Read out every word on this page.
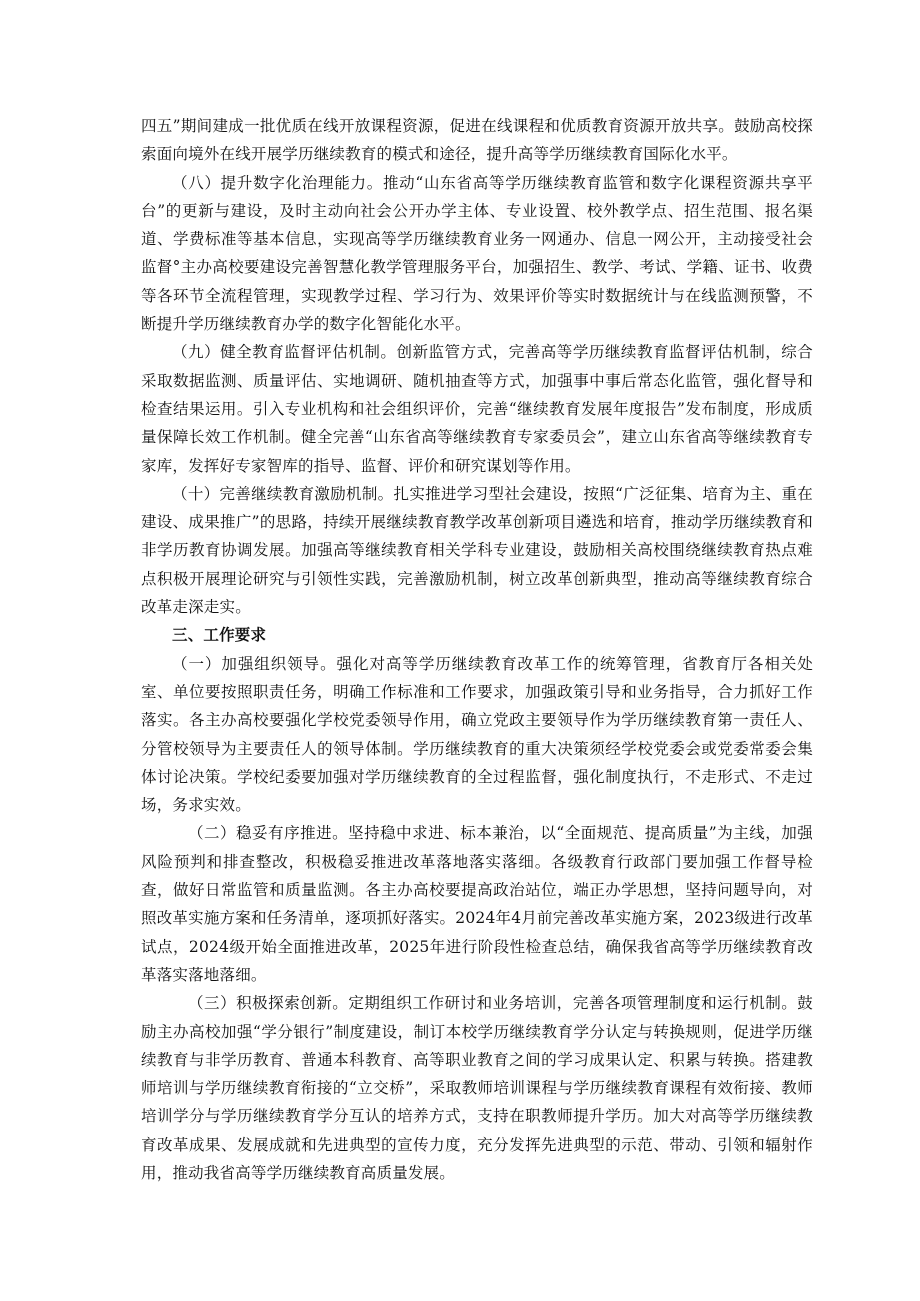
四五”期间建成一批优质在线开放课程资源，促进在线课程和优质教育资源开放共享。鼓励高校探索面向境外在线开展学历继续教育的模式和途径，提升高等学历继续教育国际化水平。

（八）提升数字化治理能力。推动“山东省高等学历继续教育监管和数字化课程资源共享平台”的更新与建设，及时主动向社会公开办学主体、专业设置、校外教学点、招生范围、报名渠道、学费标准等基本信息，实现高等学历继续教育业务一网通办、信息一网公开，主动接受社会监督°主办高校要建设完善智慧化教学管理服务平台，加强招生、教学、考试、学籍、证书、收费等各环节全流程管理，实现教学过程、学习行为、效果评价等实时数据统计与在线监测预警，不断提升学历继续教育办学的数字化智能化水平。

（九）健全教育监督评估机制。创新监管方式，完善高等学历继续教育监督评估机制，综合采取数据监测、质量评估、实地调研、随机抽查等方式，加强事中事后常态化监管，强化督导和检查结果运用。引入专业机构和社会组织评价，完善“继续教育发展年度报告”发布制度，形成质量保障长效工作机制。健全完善“山东省高等继续教育专家委员会”，建立山东省高等继续教育专家库，发挥好专家智库的指导、监督、评价和研究谋划等作用。

（十）完善继续教育激励机制。扎实推进学习型社会建设，按照“广泛征集、培育为主、重在建设、成果推广”的思路，持续开展继续教育教学改革创新项目遴选和培育，推动学历继续教育和非学历教育协调发展。加强高等继续教育相关学科专业建设，鼓励相关高校围绕继续教育热点难点积极开展理论研究与引领性实践，完善激励机制，树立改革创新典型，推动高等继续教育综合改革走深走实。

三、工作要求

（一）加强组织领导。强化对高等学历继续教育改革工作的统筹管理，省教育厅各相关处室、单位要按照职责任务，明确工作标准和工作要求，加强政策引导和业务指导，合力抓好工作落实。各主办高校要强化学校党委领导作用，确立党政主要领导作为学历继续教育第一责任人、分管校领导为主要责任人的领导体制。学历继续教育的重大决策须经学校党委会或党委常委会集体讨论决策。学校纪委要加强对学历继续教育的全过程监督，强化制度执行，不走形式、不走过场，务求实效。

（二）稳妥有序推进。坚持稳中求进、标本兼治，以“全面规范、提高质量”为主线，加强风险预判和排查整改，积极稳妥推进改革落地落实落细。各级教育行政部门要加强工作督导检查，做好日常监管和质量监测。各主办高校要提高政治站位，端正办学思想，坚持问题导向，对照改革实施方案和任务清单，逐项抓好落实。2024年4月前完善改革实施方案，2023级进行改革试点，2024级开始全面推进改革，2025年进行阶段性检查总结，确保我省高等学历继续教育改革落实落地落细。

（三）积极探索创新。定期组织工作研讨和业务培训，完善各项管理制度和运行机制。鼓励主办高校加强“学分银行”制度建设，制订本校学历继续教育学分认定与转换规则，促进学历继续教育与非学历教育、普通本科教育、高等职业教育之间的学习成果认定、积累与转换。搭建教师培训与学历继续教育衔接的“立交桥”，采取教师培训课程与学历继续教育课程有效衔接、教师培训学分与学历继续教育学分互认的培养方式，支持在职教师提升学历。加大对高等学历继续教育改革成果、发展成就和先进典型的宣传力度，充分发挥先进典型的示范、带动、引领和辐射作用，推动我省高等学历继续教育高质量发展。
